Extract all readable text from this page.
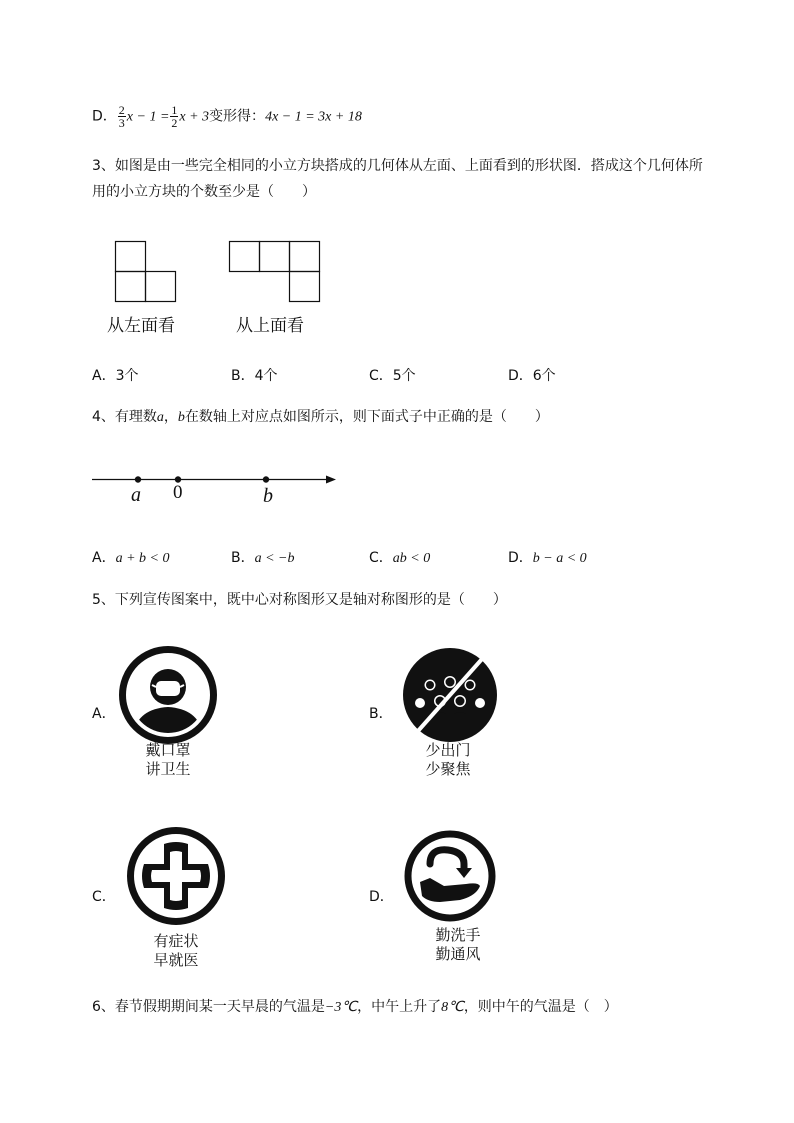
D． $\frac{2}{3}$ $x - 1 = \frac{1}{2}$ x + 3变形得：4x − 1 = 3x + 18
3、如图是由一些完全相同的小立方块搭成的几何体从左面、上面看到的形状图．搭成这个几何体所
用的小立方块的个数至少是（　　）
从左面看	从上面看
A．3个	B．4个	C．5个	D．6个
4、有理数a，b在数轴上对应点如图所示，则下面式子中正确的是（　　）
a 0	b
A．a + b < 0	B．a < −b	C．ab < 0	D．b − a < 0
5、下列宣传图案中，既中心对称图形又是轴对称图形的是（　　）
A．
戴口罩
讲卫生
B．
少出门
少聚焦
C．
有症状
早就医
D．
勤洗手
勤通风
6、春节假期期间某一天早晨的气温是−3℃，中午上升了8℃，则中午的气温是（　）
